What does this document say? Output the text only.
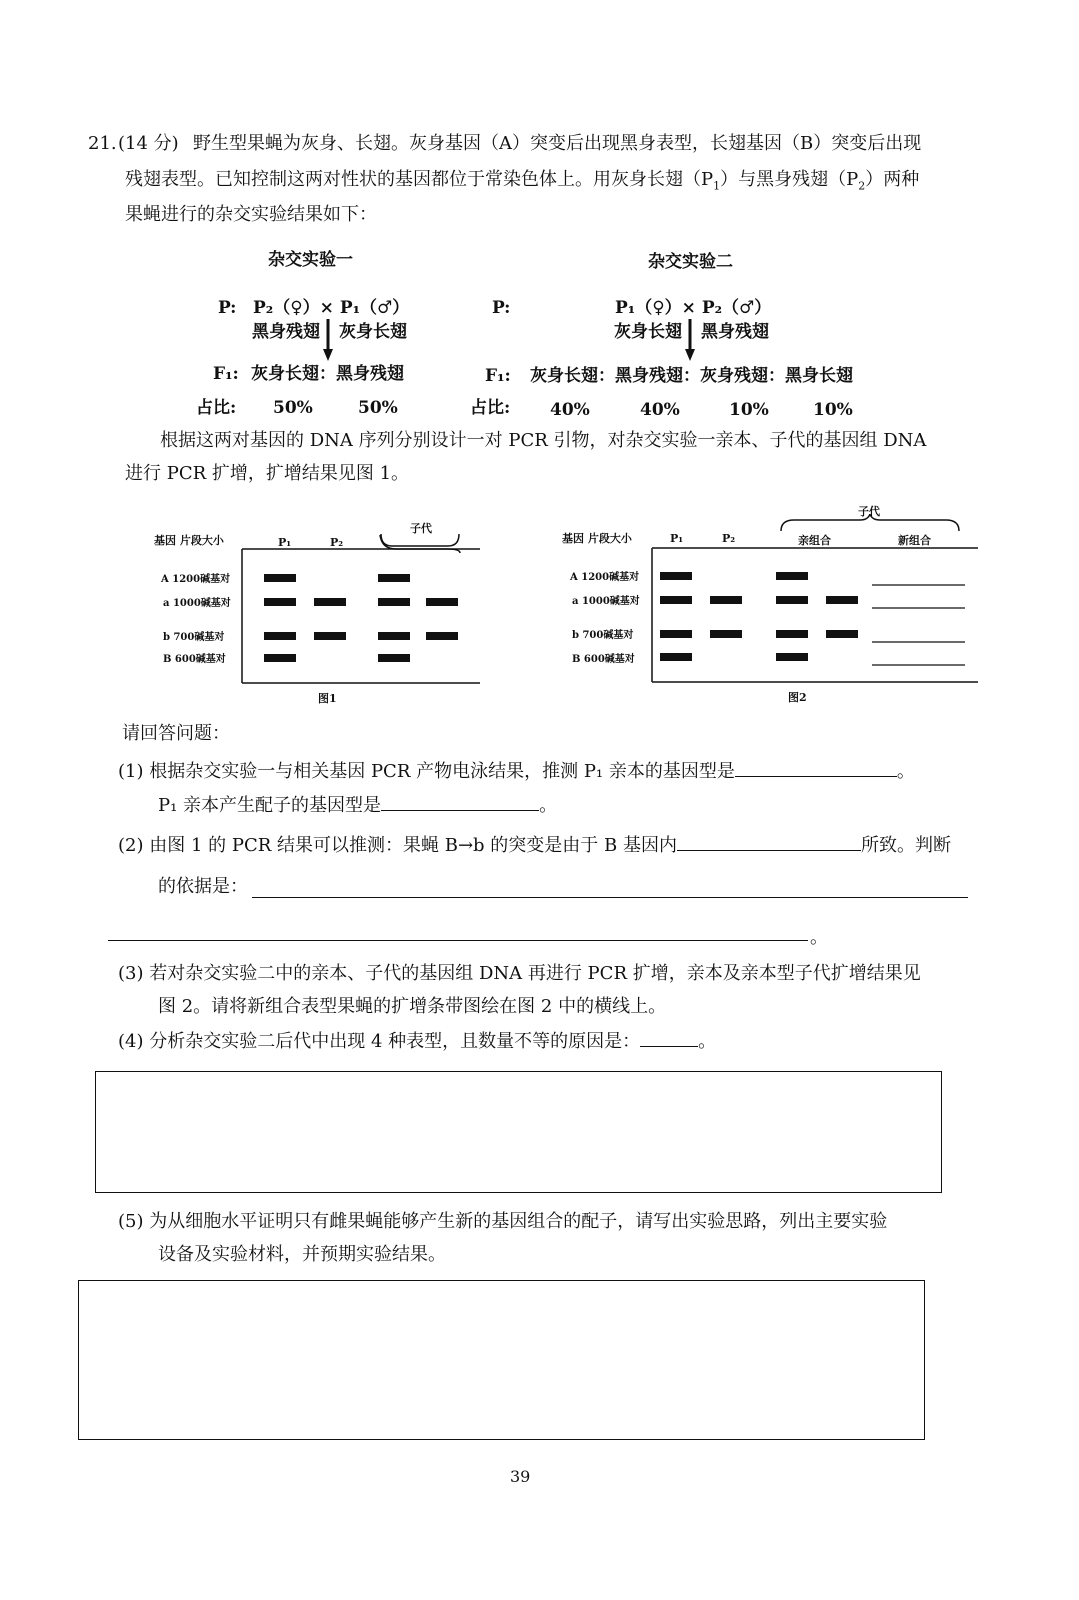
21. (14 分) 野生型果蝇为灰身、长翅。灰身基因（A）突变后出现黑身表型，长翅基因（B）突变后出现
残翅表型。已知控制这两对性状的基因都位于常染色体上。用灰身长翅$(P_1)$与黑身残翅$(P_2)$两种
果蝇进行的杂交实验结果如下：
杂交实验一
P: P₂（♀）× P₁（♂）
黑身残翅 灰身长翅
F₁: 灰身长翅：黑身残翅
占比: 50%	50%
杂交实验二
P:	P₁（♀）× P₂（♂）
灰身长翅 黑身残翅
F₁: 灰身长翅：黑身残翅：灰身残翅：黑身长翅
占比: 40%	40%	10%	10%
根据这两对基因的 DNA 序列分别设计一对 PCR 引物，对杂交实验一亲本、子代的基因组 DNA
进行 PCR 扩增，扩增结果见图 1。
基因 片段大小	P₁	P₂
子代
A 1200碱基对
a 1000碱基对
b 700碱基对
B 600碱基对
图1
基因 片段大小	P₁	P₂
子代
亲组合	新组合
A 1200碱基对
a 1000碱基对
b 700碱基对
B 600碱基对
图2
请回答问题：
(1) 根据杂交实验一与相关基因 PCR 产物电泳结果，推测 P₁ 亲本的基因型是	。
P₁ 亲本产生配子的基因型是	。
(2) 由图 1 的 PCR 结果可以推测：果蝇 B→b 的突变是由于 B 基因内	所致。判断
的依据是：
。
(3) 若对杂交实验二中的亲本、子代的基因组 DNA 再进行 PCR 扩增，亲本及亲本型子代扩增结果见
图 2。请将新组合表型果蝇的扩增条带图绘在图 2 中的横线上。
(4) 分析杂交实验二后代中出现 4 种表型，且数量不等的原因是：	。
(5) 为从细胞水平证明只有雌果蝇能够产生新的基因组合的配子，请写出实验思路，列出主要实验
设备及实验材料，并预期实验结果。
39
